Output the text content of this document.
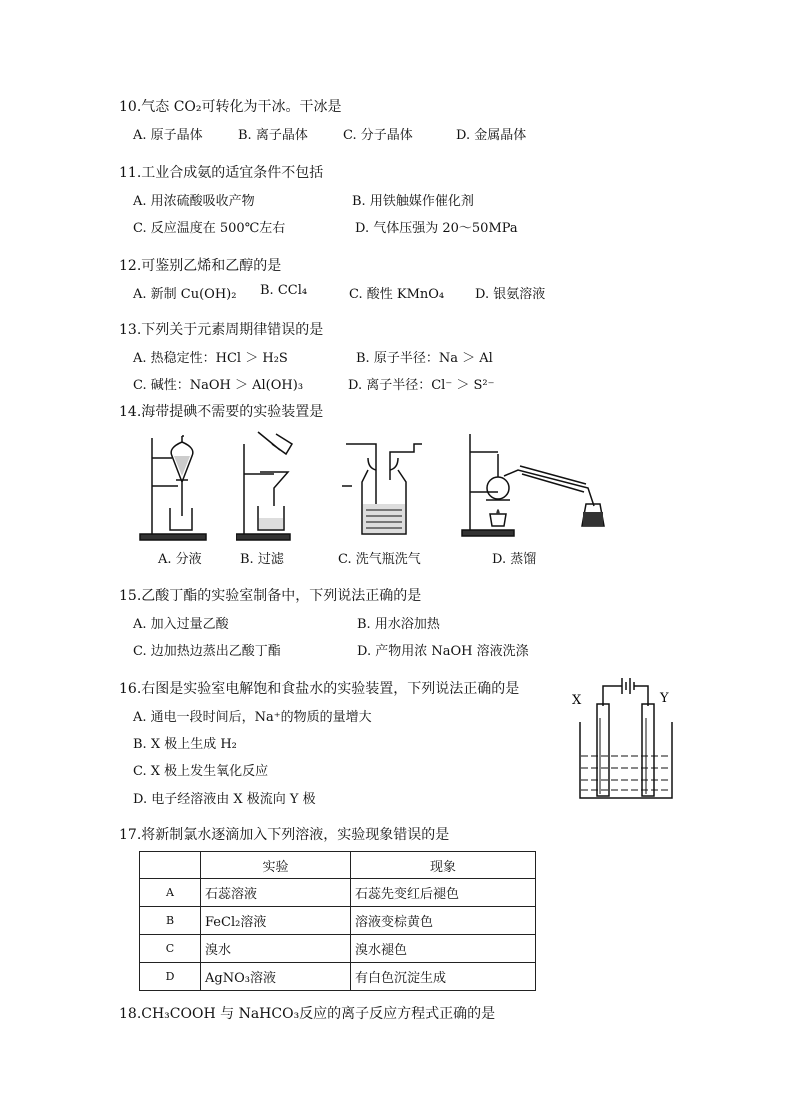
10.气态 CO₂可转化为干冰。干冰是
A. 原子晶体	B. 离子晶体	C. 分子晶体	D. 金属晶体
11.工业合成氨的适宜条件不包括
A. 用浓硫酸吸收产物	B. 用铁触媒作催化剂
C. 反应温度在 500℃左右	D. 气体压强为 20～50MPa
12.可鉴别乙烯和乙醇的是
A. 新制 Cu(OH)₂ B. CCl₄	C. 酸性 KMnO₄ D. 银氨溶液
13.下列关于元素周期律错误的是
A. 热稳定性：HCl ＞ H₂S	B. 原子半径：Na ＞ Al
C. 碱性：NaOH ＞ Al(OH)₃	D. 离子半径：Cl⁻ ＞ S²⁻
14.海带提碘不需要的实验装置是
A. 分液	B. 过滤	C. 洗气瓶洗气	D. 蒸馏
15.乙酸丁酯的实验室制备中，下列说法正确的是
A. 加入过量乙酸	B. 用水浴加热
C. 边加热边蒸出乙酸丁酯	D. 产物用浓 NaOH 溶液洗涤
16.右图是实验室电解饱和食盐水的实验装置，下列说法正确的是
A. 通电一段时间后，Na⁺的物质的量增大
B. X 极上生成 H₂
C. X 极上发生氧化反应
D. 电子经溶液由 X 极流向 Y 极
X	Y
17.将新制氯水逐滴加入下列溶液，实验现象错误的是
	实验	现象
A	石蕊溶液	石蕊先变红后褪色
B	FeCl₂溶液	溶液变棕黄色
C	溴水	溴水褪色
D	AgNO₃溶液	有白色沉淀生成
18.CH₃COOH 与 NaHCO₃反应的离子反应方程式正确的是
